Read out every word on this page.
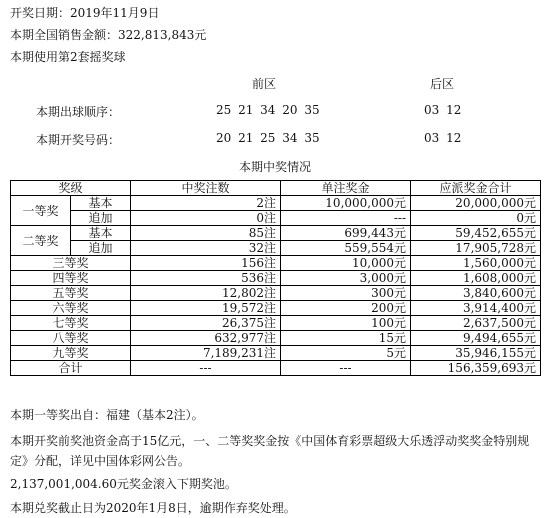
开奖日期：2019年11月9日
本期全国销售金额：322,813,843元
本期使用第2套摇奖球
前区	后区
本期出球顺序：	25 21 34 20 35	03 12
本期开奖号码：	20 21 25 34 35	03 12
本期中奖情况
奖级		中奖注数	单注奖金	应派奖金合计
一等奖	基本	2注	10,000,000元	20,000,000元
	追加	0注	---	0元
二等奖	基本	85注	699,443元	59,452,655元
	追加	32注	559,554元	17,905,728元
三等奖		156注	10,000元	1,560,000元
四等奖		536注	3,000元	1,608,000元
五等奖		12,802注	300元	3,840,600元
六等奖		19,572注	200元	3,914,400元
七等奖		26,375注	100元	2,637,500元
八等奖		632,977注	15元	9,494,655元
九等奖		7,189,231注	5元	35,946,155元
合计		---	---	156,359,693元
本期一等奖出自：福建（基本2注）。
本期开奖前奖池资金高于15亿元，一、二等奖奖金按《中国体育彩票超级大乐透浮动奖奖金特别规定》分配，详见中国体彩网公告。
2,137,001,004.60元奖金滚入下期奖池。
本期兑奖截止日为2020年1月8日，逾期作弃奖处理。
